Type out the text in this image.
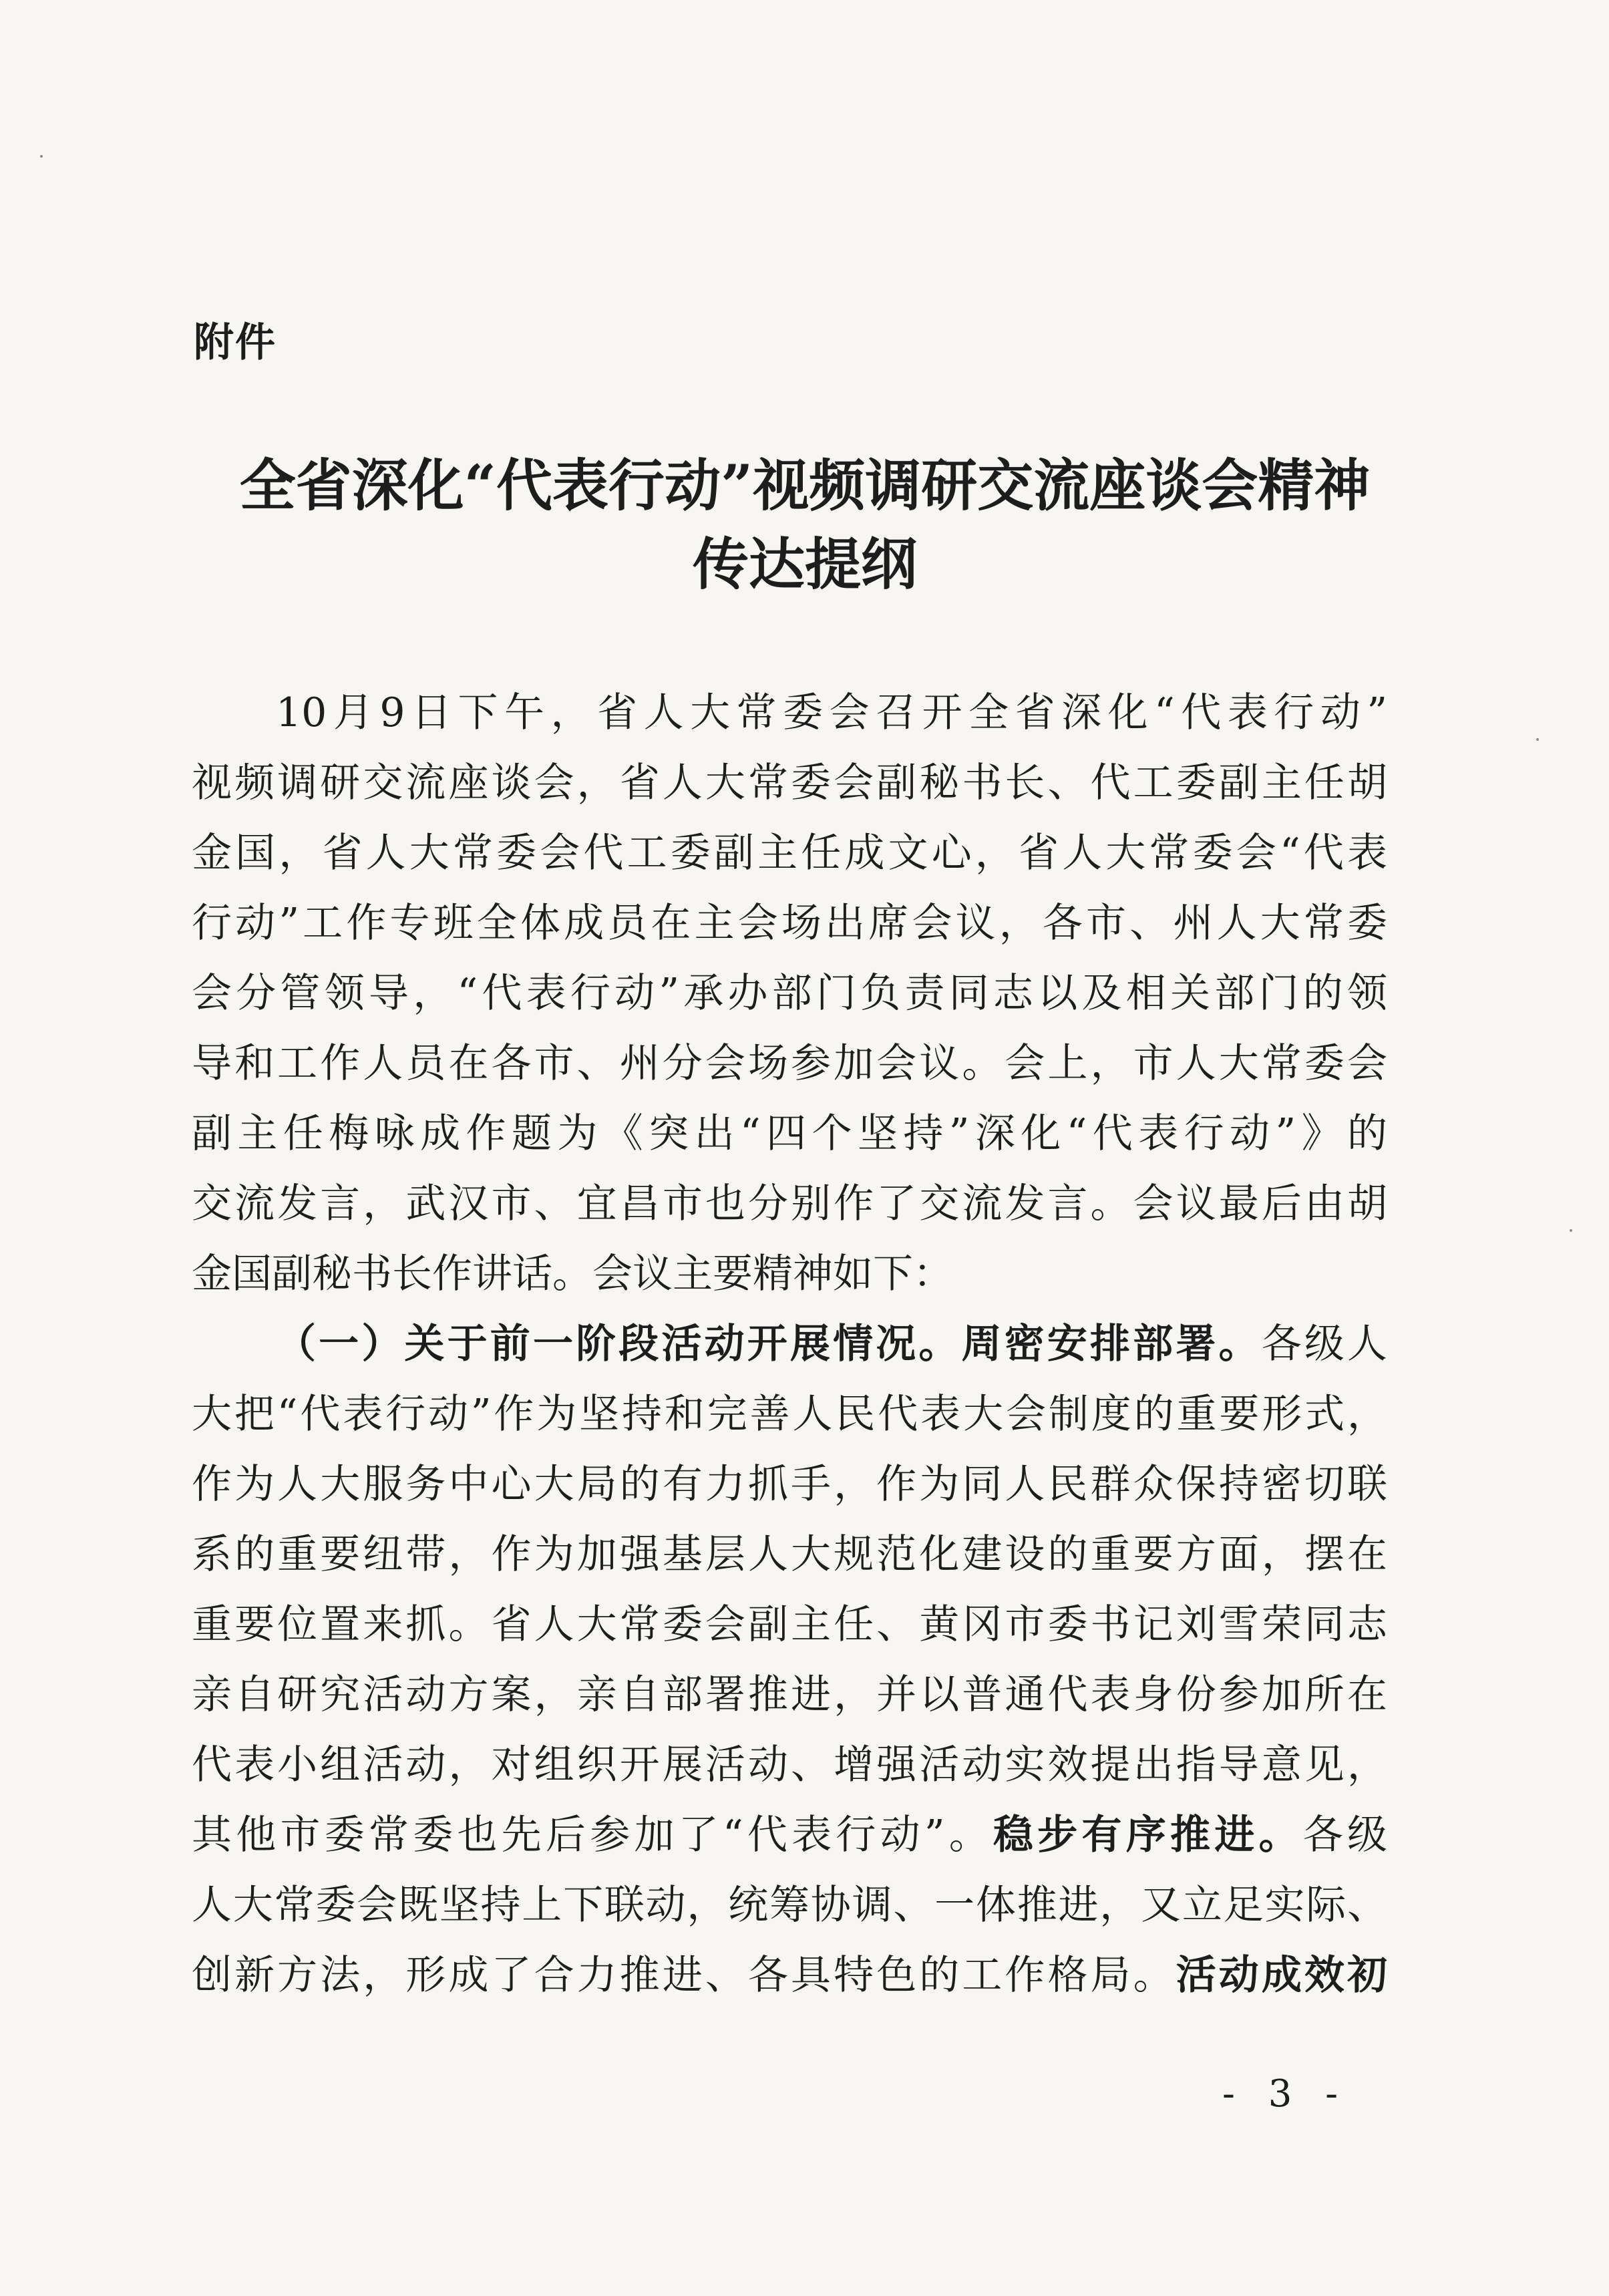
附件
全省深化“代表行动”视频调研交流座谈会精神
传达提纲
10月9日下午，省人大常委会召开全省深化“代表行动”
视频调研交流座谈会，省人大常委会副秘书长、代工委副主任胡
金国，省人大常委会代工委副主任成文心，省人大常委会“代表
行动”工作专班全体成员在主会场出席会议，各市、州人大常委
会分管领导，“代表行动”承办部门负责同志以及相关部门的领
导和工作人员在各市、州分会场参加会议。会上，市人大常委会
副主任梅咏成作题为《突出“四个坚持”深化“代表行动”》的
交流发言，武汉市、宜昌市也分别作了交流发言。会议最后由胡
金国副秘书长作讲话。会议主要精神如下：
（一）关于前一阶段活动开展情况。周密安排部署。各级人
大把“代表行动”作为坚持和完善人民代表大会制度的重要形式，
作为人大服务中心大局的有力抓手，作为同人民群众保持密切联
系的重要纽带，作为加强基层人大规范化建设的重要方面，摆在
重要位置来抓。省人大常委会副主任、黄冈市委书记刘雪荣同志
亲自研究活动方案，亲自部署推进，并以普通代表身份参加所在
代表小组活动，对组织开展活动、增强活动实效提出指导意见，
其他市委常委也先后参加了“代表行动”。稳步有序推进。各级
人大常委会既坚持上下联动，统筹协调、一体推进，又立足实际、
创新方法，形成了合力推进、各具特色的工作格局。活动成效初
- 3 -
